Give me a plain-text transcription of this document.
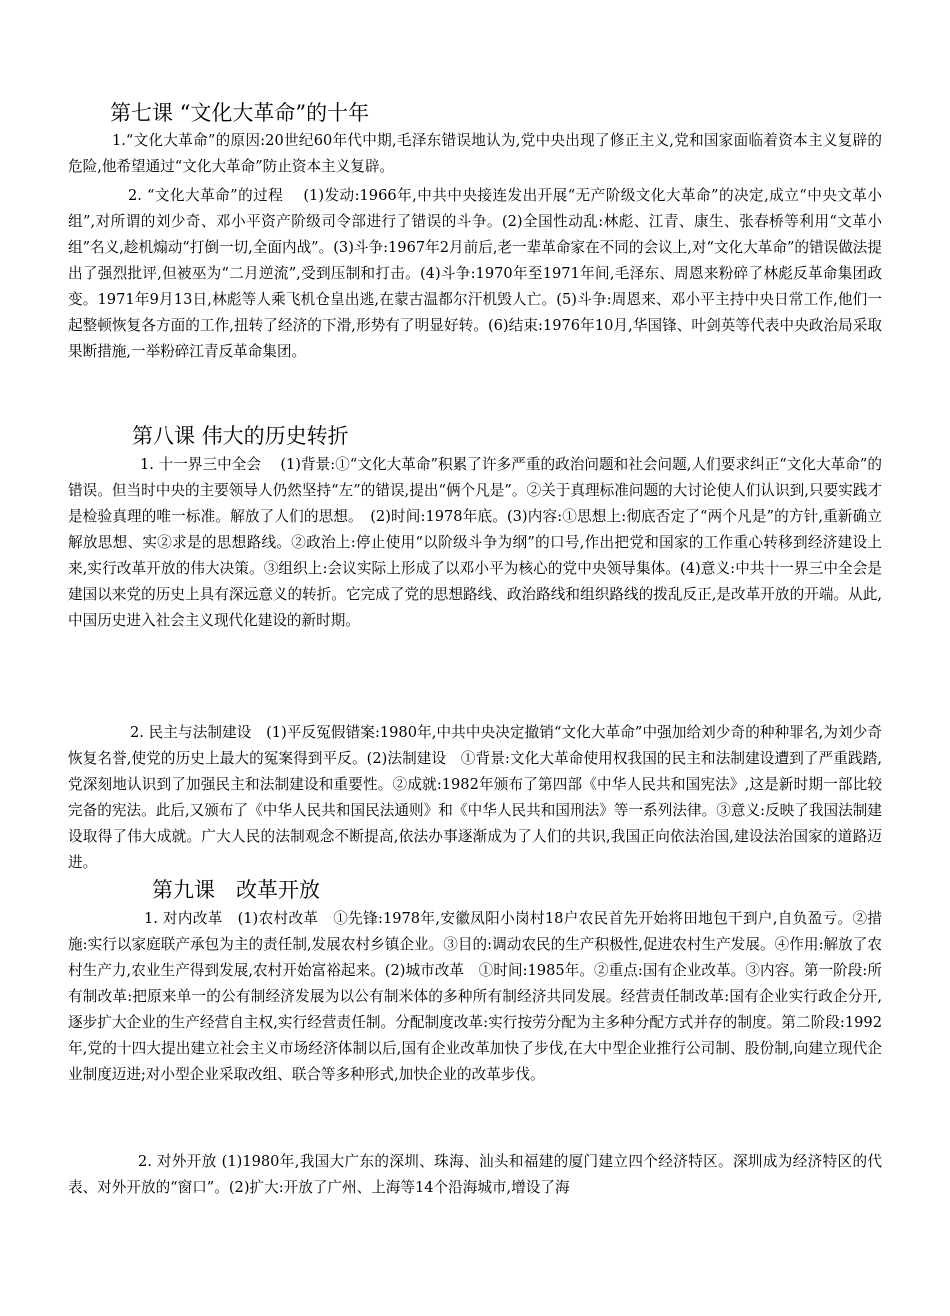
第七课 “文化大革命”的十年

1.“文化大革命”的原因:20世纪60年代中期,毛泽东错误地认为,党中央出现了修正主义,党和国家面临着资本主义复辟的危险,他希望通过“文化大革命”防止资本主义复辟。

2. “文化大革命”的过程　 (1)发动:1966年,中共中央接连发出开展“无产阶级文化大革命”的决定,成立“中央文革小组”,对所谓的刘少奇、邓小平资产阶级司令部进行了错误的斗争。(2)全国性动乱:林彪、江青、康生、张春桥等利用“文革小组”名义,趁机煽动“打倒一切,全面内战”。(3)斗争:1967年2月前后,老一辈革命家在不同的会议上,对“文化大革命”的错误做法提出了强烈批评,但被巫为“二月逆流”,受到压制和打击。(4)斗争:1970年至1971年间,毛泽东、周恩来粉碎了林彪反革命集团政变。1971年9月13日,林彪等人乘飞机仓皇出逃,在蒙古温都尔汗机毁人亡。(5)斗争:周恩来、邓小平主持中央日常工作,他们一起整顿恢复各方面的工作,扭转了经济的下滑,形势有了明显好转。(6)结束:1976年10月,华国锋、叶剑英等代表中央政治局采取果断措施,一举粉碎江青反革命集团。

第八课 伟大的历史转折

1. 十一界三中全会　 (1)背景:①“文化大革命”积累了许多严重的政治问题和社会问题,人们要求纠正“文化大革命”的错误。但当时中央的主要领导人仍然坚持“左”的错误,提出“俩个凡是”。②关于真理标准问题的大讨论使人们认识到,只要实践才是检验真理的唯一标准。解放了人们的思想。　(2)时间:1978年底。(3)内容:①思想上:彻底否定了“两个凡是”的方针,重新确立解放思想、实②求是的思想路线。②政治上:停止使用“以阶级斗争为纲”的口号,作出把党和国家的工作重心转移到经济建设上来,实行改革开放的伟大决策。③组织上:会议实际上形成了以邓小平为核心的党中央领导集体。(4)意义:中共十一界三中全会是建国以来党的历史上具有深远意义的转折。它完成了党的思想路线、政治路线和组织路线的拨乱反正,是改革开放的开端。从此,中国历史进入社会主义现代化建设的新时期。

2. 民主与法制建设　(1)平反冤假错案:1980年,中共中央决定撤销“文化大革命”中强加给刘少奇的种种罪名,为刘少奇恢复名誉,使党的历史上最大的冤案得到平反。(2)法制建设　①背景:文化大革命使用权我国的民主和法制建设遭到了严重践踏,党深刻地认识到了加强民主和法制建设和重要性。②成就:1982年颁布了第四部《中华人民共和国宪法》,这是新时期一部比较完备的宪法。此后,又颁布了《中华人民共和国民法通则》和《中华人民共和国刑法》等一系列法律。③意义:反映了我国法制建设取得了伟大成就。广大人民的法制观念不断提高,依法办事逐渐成为了人们的共识,我国正向依法治国,建设法治国家的道路迈进。

第九课　改革开放

1. 对内改革　(1)农村改革　①先锋:1978年,安徽凤阳小岗村18户农民首先开始将田地包干到户,自负盈亏。②措施:实行以家庭联产承包为主的责任制,发展农村乡镇企业。③目的:调动农民的生产积极性,促进农村生产发展。④作用:解放了农村生产力,农业生产得到发展,农村开始富裕起来。(2)城市改革　①时间:1985年。②重点:国有企业改革。③内容。第一阶段:所有制改革:把原来单一的公有制经济发展为以公有制米体的多种所有制经济共同发展。经营责任制改革:国有企业实行政企分开,逐步扩大企业的生产经营自主权,实行经营责任制。分配制度改革:实行按劳分配为主多种分配方式并存的制度。第二阶段:1992年,党的十四大提出建立社会主义市场经济体制以后,国有企业改革加快了步伐,在大中型企业推行公司制、股份制,向建立现代企业制度迈进;对小型企业采取改组、联合等多种形式,加快企业的改革步伐。

2. 对外开放 (1)1980年,我国大广东的深圳、珠海、汕头和福建的厦门建立四个经济特区。深圳成为经济特区的代表、对外开放的“窗口”。(2)扩大:开放了广州、上海等14个沿海城市,增设了海
